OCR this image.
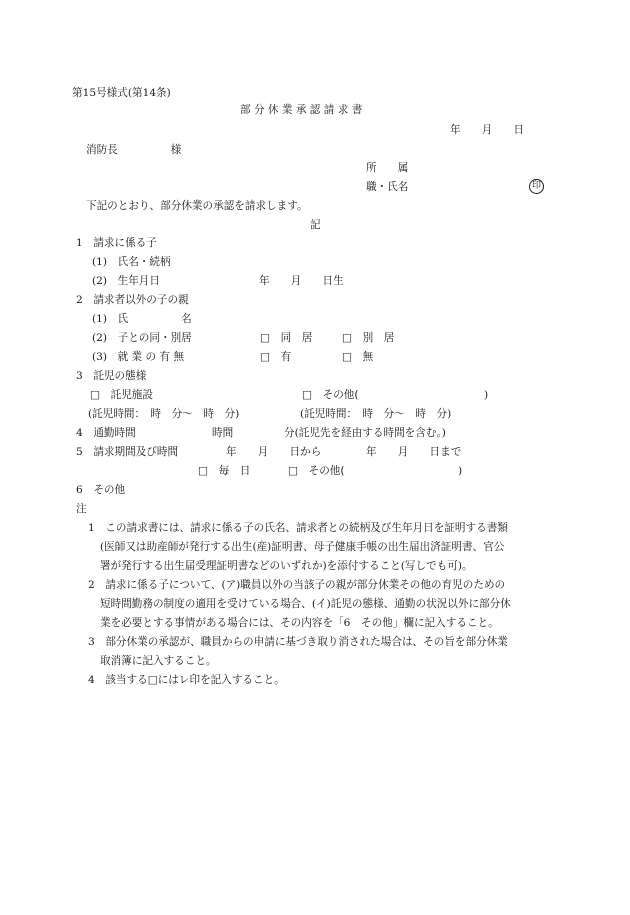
第15号様式(第14条)
部 分 休 業 承 認 請 求 書
年　　月　　日
消防長　　　　　様
所　　属
職・氏名	印
下記のとおり、部分休業の承認を請求します。
記
1　請求に係る子
(1)　氏名・続柄
(2)　生年月日	年　　月　　日生
2　請求者以外の子の親
(1)　氏　　　　　名
(2)　子との同・別居	□　同　居	□　別　居
(3)　就 業 の 有 無	□　有	□　無
3　託児の態様
□　託児施設	□　その他(	)
(託児時間：　時　分〜　時　分)	(託児時間：　時　分〜　時　分)
4　通勤時間	時間	分(託児先を経由する時間を含む。)
5　請求期間及び時間	年　　月　　日から	年　　月　　日まで
□　毎　日	□　その他(	)
6　その他
注
1　この請求書には、請求に係る子の氏名、請求者との続柄及び生年月日を証明する書類
(医師又は助産師が発行する出生(産)証明書、母子健康手帳の出生届出済証明書、官公
署が発行する出生届受理証明書などのいずれか)を添付すること(写しでも可)。
2　請求に係る子について、(ア)職員以外の当該子の親が部分休業その他の育児のための
短時間勤務の制度の適用を受けている場合、(イ)託児の態様、通勤の状況以外に部分休
業を必要とする事情がある場合には、その内容を「6　その他」欄に記入すること。
3　部分休業の承認が、職員からの申請に基づき取り消された場合は、その旨を部分休業
取消簿に記入すること。
4　該当する□にはレ印を記入すること。
